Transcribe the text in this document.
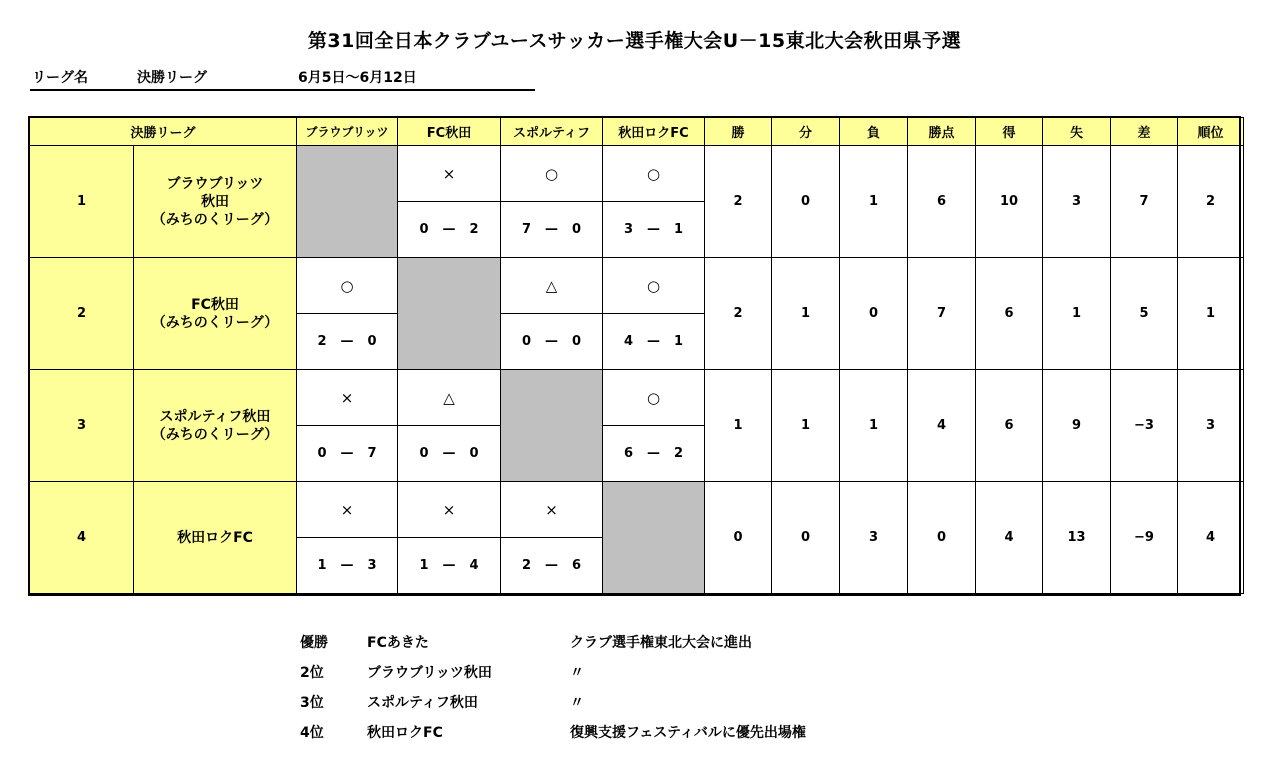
第31回全日本クラブユースサッカー選手権大会U－15東北大会秋田県予選
リーグ名	決勝リーグ	6月5日～6月12日
決勝リーグ		ブラウブリッツ	FC秋田	スポルティフ	秋田ロクFC	勝	分	負	勝点	得	失	差	順位
1	ブラウブリッツ
秋田
（みちのくリーグ）		×	○	○	2	0	1	6	10	3	7	2
			0 — 2	7 — 0	3 — 1								
2	FC秋田
（みちのくリーグ）	○		△	○	2	1	0	7	6	1	5	1
		2 — 0		0 — 0	4 — 1								
3	スポルティフ秋田
（みちのくリーグ）	×	△		○	1	1	1	4	6	9	−3	3
		0 — 7	0 — 0		6 — 2								
4	秋田ロクFC	×	×	×		0	0	3	0	4	13	−9	4
		1 — 3	1 — 4	2 — 6									
優勝	FCあきた	クラブ選手権東北大会に進出
2位	ブラウブリッツ秋田	〃
3位	スポルティフ秋田	〃
4位	秋田ロクFC	復興支援フェスティバルに優先出場権
